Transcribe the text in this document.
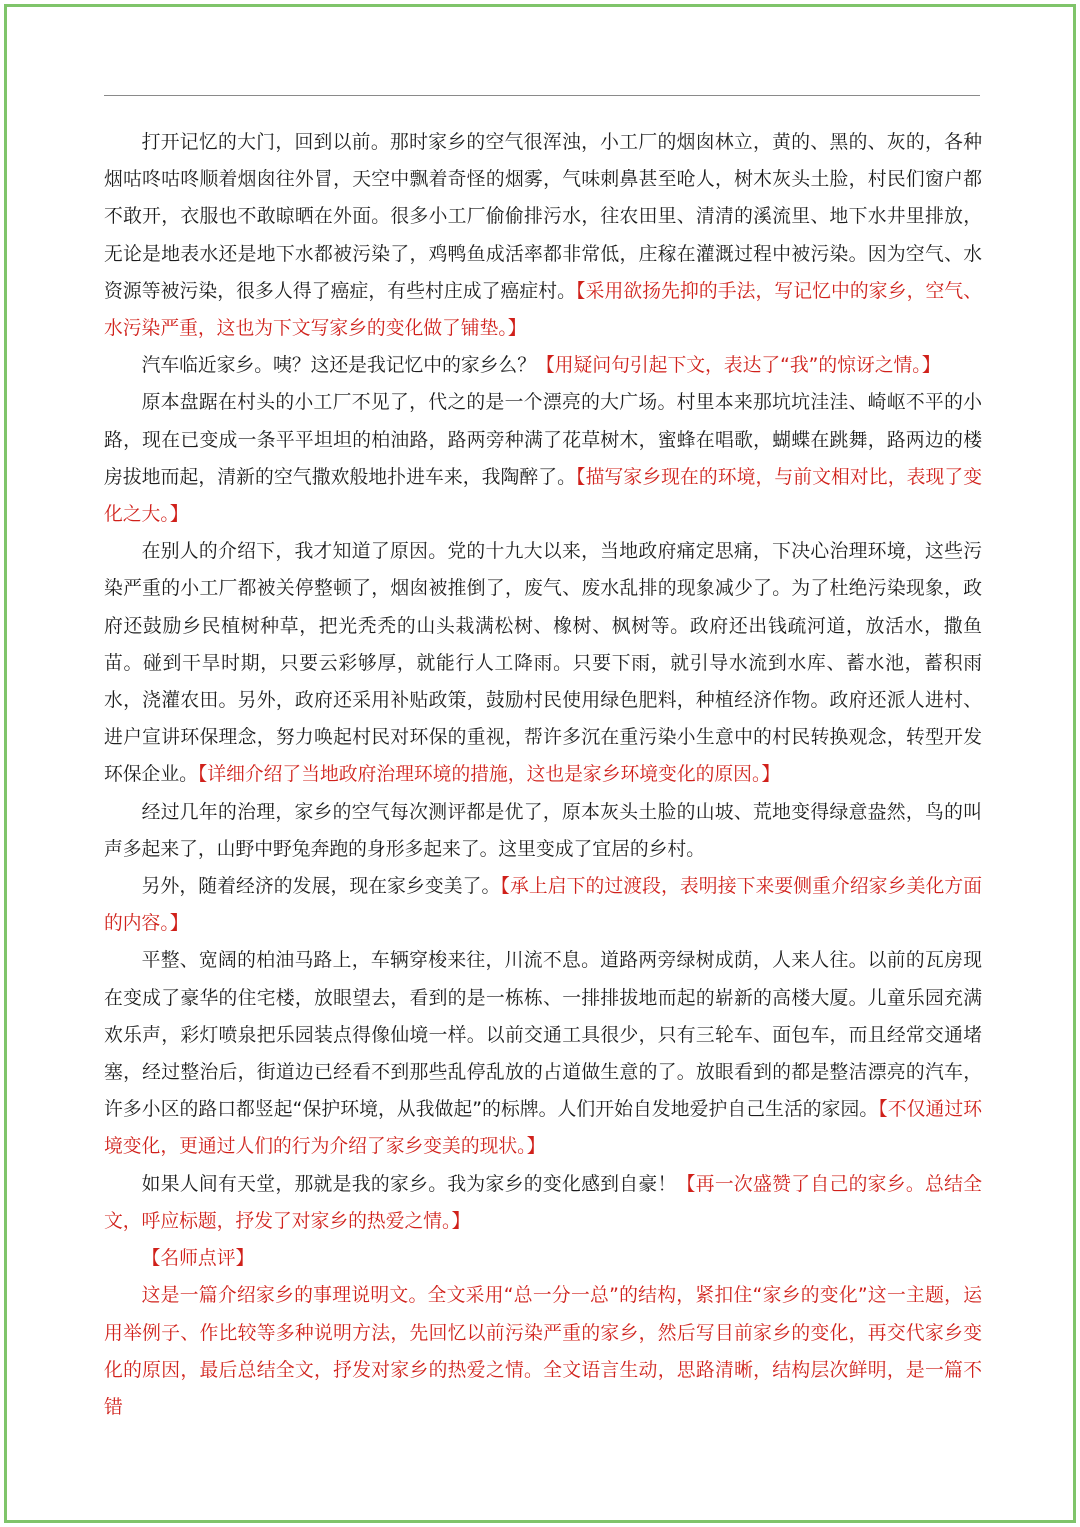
打开记忆的大门，回到以前。那时家乡的空气很浑浊，小工厂的烟囱林立，黄的、黑的、灰的，各种烟咕咚咕咚顺着烟囱往外冒，天空中飘着奇怪的烟雾，气味刺鼻甚至呛人，树木灰头土脸，村民们窗户都不敢开，衣服也不敢晾晒在外面。很多小工厂偷偷排污水，往农田里、清清的溪流里、地下水井里排放，无论是地表水还是地下水都被污染了，鸡鸭鱼成活率都非常低，庄稼在灌溉过程中被污染。因为空气、水资源等被污染，很多人得了癌症，有些村庄成了癌症村。【采用欲扬先抑的手法，写记忆中的家乡，空气、水污染严重，这也为下文写家乡的变化做了铺垫。】

汽车临近家乡。咦？这还是我记忆中的家乡么？【用疑问句引起下文，表达了“我”的惊讶之情。】

原本盘踞在村头的小工厂不见了，代之的是一个漂亮的大广场。村里本来那坑坑洼洼、崎岖不平的小路，现在已变成一条平平坦坦的柏油路，路两旁种满了花草树木，蜜蜂在唱歌，蝴蝶在跳舞，路两边的楼房拔地而起，清新的空气撒欢般地扑进车来，我陶醉了。【描写家乡现在的环境，与前文相对比，表现了变化之大。】

在别人的介绍下，我才知道了原因。党的十九大以来，当地政府痛定思痛，下决心治理环境，这些污染严重的小工厂都被关停整顿了，烟囱被推倒了，废气、废水乱排的现象减少了。为了杜绝污染现象，政府还鼓励乡民植树种草，把光秃秃的山头栽满松树、橡树、枫树等。政府还出钱疏河道，放活水，撒鱼苗。碰到干旱时期，只要云彩够厚，就能行人工降雨。只要下雨，就引导水流到水库、蓄水池，蓄积雨水，浇灌农田。另外，政府还采用补贴政策，鼓励村民使用绿色肥料，种植经济作物。政府还派人进村、进户宣讲环保理念，努力唤起村民对环保的重视，帮许多沉在重污染小生意中的村民转换观念，转型开发环保企业。【详细介绍了当地政府治理环境的措施，这也是家乡环境变化的原因。】

经过几年的治理，家乡的空气每次测评都是优了，原本灰头土脸的山坡、荒地变得绿意盎然，鸟的叫声多起来了，山野中野兔奔跑的身形多起来了。这里变成了宜居的乡村。

另外，随着经济的发展，现在家乡变美了。【承上启下的过渡段，表明接下来要侧重介绍家乡美化方面的内容。】

平整、宽阔的柏油马路上，车辆穿梭来往，川流不息。道路两旁绿树成荫，人来人往。以前的瓦房现在变成了豪华的住宅楼，放眼望去，看到的是一栋栋、一排排拔地而起的崭新的高楼大厦。儿童乐园充满欢乐声，彩灯喷泉把乐园装点得像仙境一样。以前交通工具很少，只有三轮车、面包车，而且经常交通堵塞，经过整治后，街道边已经看不到那些乱停乱放的占道做生意的了。放眼看到的都是整洁漂亮的汽车，许多小区的路口都竖起“保护环境，从我做起”的标牌。人们开始自发地爱护自己生活的家园。【不仅通过环境变化，更通过人们的行为介绍了家乡变美的现状。】

如果人间有天堂，那就是我的家乡。我为家乡的变化感到自豪！【再一次盛赞了自己的家乡。总结全文，呼应标题，抒发了对家乡的热爱之情。】

【名师点评】

这是一篇介绍家乡的事理说明文。全文采用“总一分一总”的结构，紧扣住“家乡的变化”这一主题，运用举例子、作比较等多种说明方法，先回忆以前污染严重的家乡，然后写目前家乡的变化，再交代家乡变化的原因，最后总结全文，抒发对家乡的热爱之情。全文语言生动，思路清晰，结构层次鲜明，是一篇不错
